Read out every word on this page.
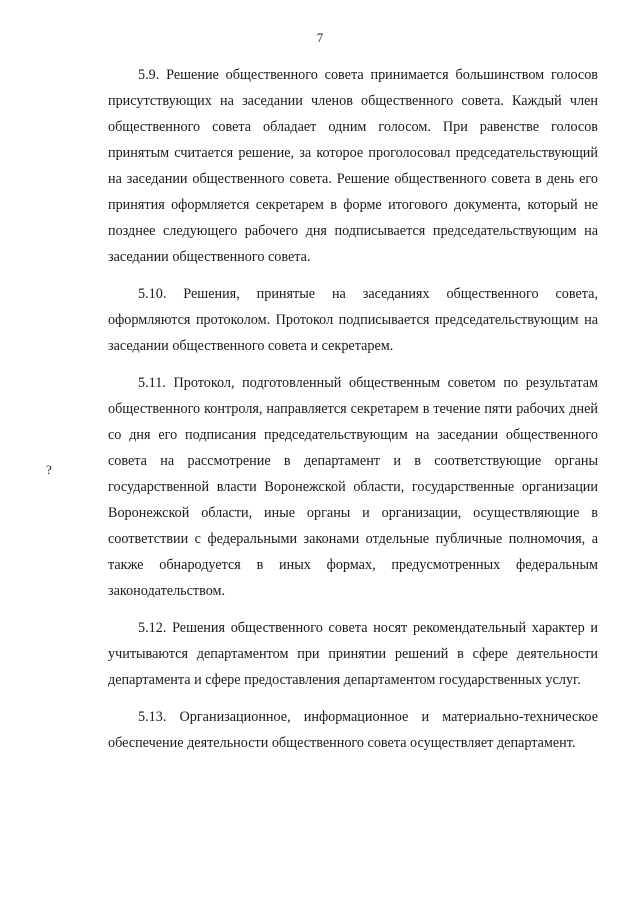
7
?

5.9. Решение общественного совета принимается большинством голосов присутствующих на заседании членов общественного совета. Каждый член общественного совета обладает одним голосом. При равенстве голосов принятым считается решение, за которое проголосовал председательствующий на заседании общественного совета. Решение общественного совета в день его принятия оформляется секретарем в форме итогового документа, который не позднее следующего рабочего дня подписывается председательствующим на заседании общественного совета.

5.10. Решения, принятые на заседаниях общественного совета, оформляются протоколом. Протокол подписывается председательствующим на заседании общественного совета и секретарем.

5.11. Протокол, подготовленный общественным советом по результатам общественного контроля, направляется секретарем в течение пяти рабочих дней со дня его подписания председательствующим на заседании общественного совета на рассмотрение в департамент и в соответствующие органы государственной власти Воронежской области, государственные организации Воронежской области, иные органы и организации, осуществляющие в соответствии с федеральными законами отдельные публичные полномочия, а также обнародуется в иных формах, предусмотренных федеральным законодательством.

5.12. Решения общественного совета носят рекомендательный характер и учитываются департаментом при принятии решений в сфере деятельности департамента и сфере предоставления департаментом государственных услуг.

5.13. Организационное, информационное и материально-техническое обеспечение деятельности общественного совета осуществляет департамент.
